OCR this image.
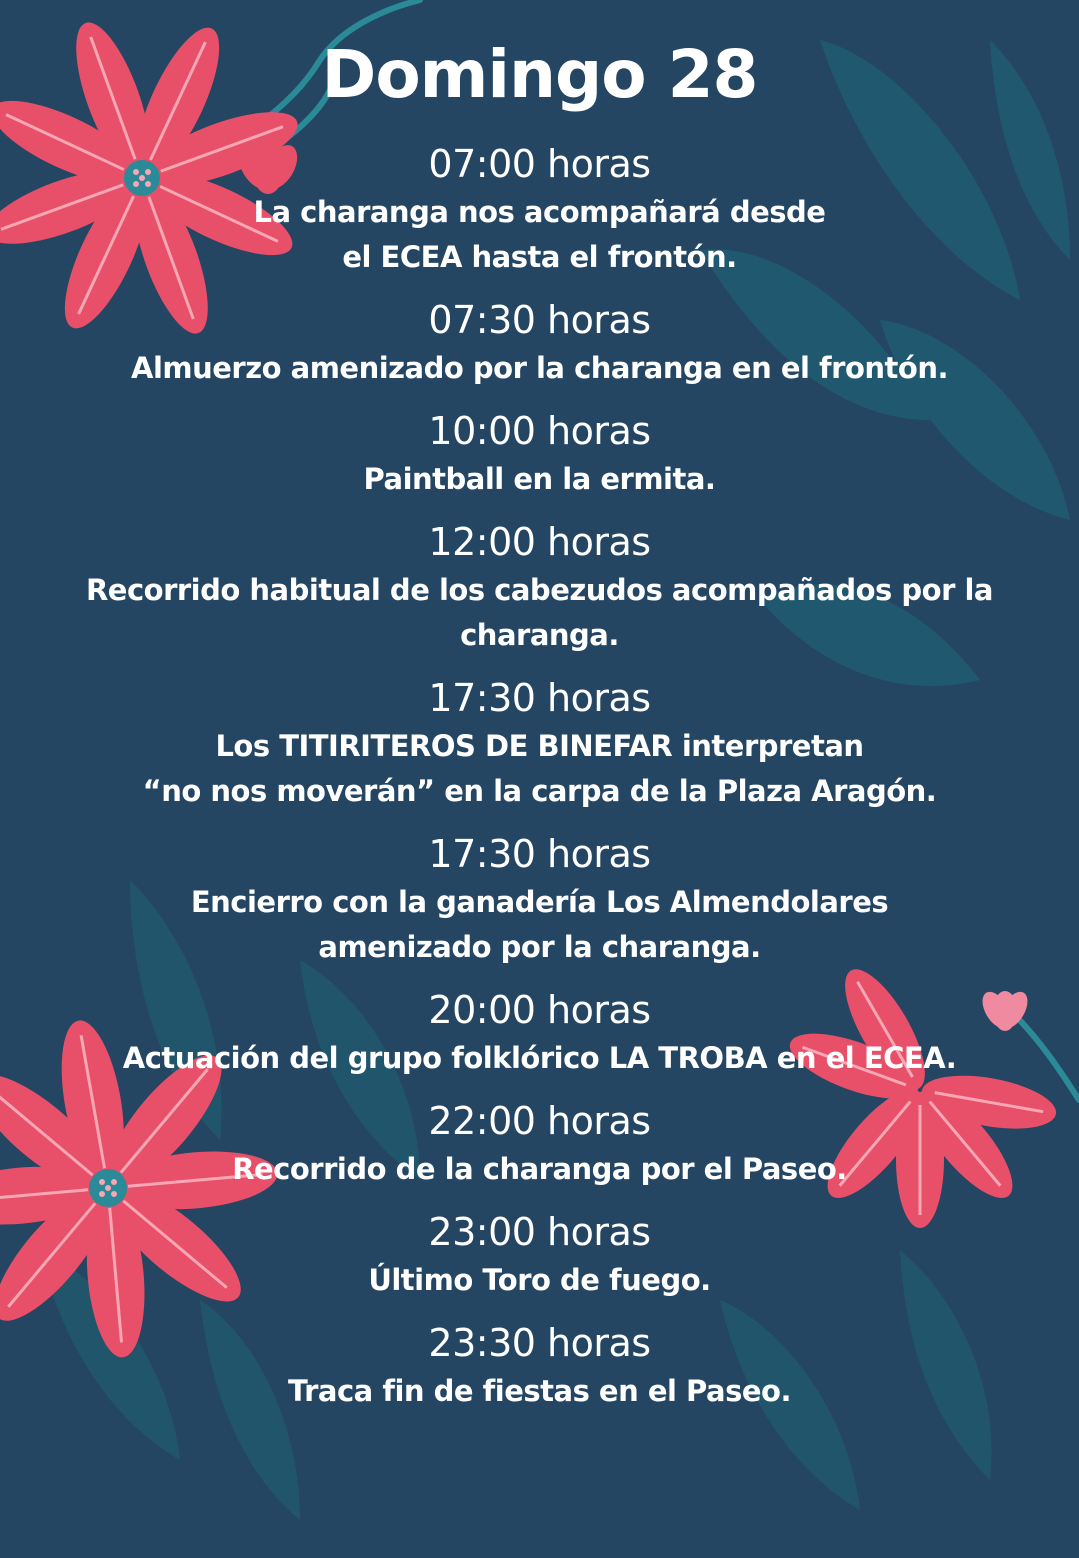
Domingo 28
07:00 horas
La charanga nos acompañará desde
el ECEA hasta el frontón.
07:30 horas
Almuerzo amenizado por la charanga en el frontón.
10:00 horas
Paintball en la ermita.
12:00 horas
Recorrido habitual de los cabezudos acompañados por la
charanga.
17:30 horas
Los TITIRITEROS DE BINEFAR interpretan
“no nos moverán” en la carpa de la Plaza Aragón.
17:30 horas
Encierro con la ganadería Los Almendolares
amenizado por la charanga.
20:00 horas
Actuación del grupo folklórico LA TROBA en el ECEA.
22:00 horas
Recorrido de la charanga por el Paseo.
23:00 horas
Último Toro de fuego.
23:30 horas
Traca fin de fiestas en el Paseo.
